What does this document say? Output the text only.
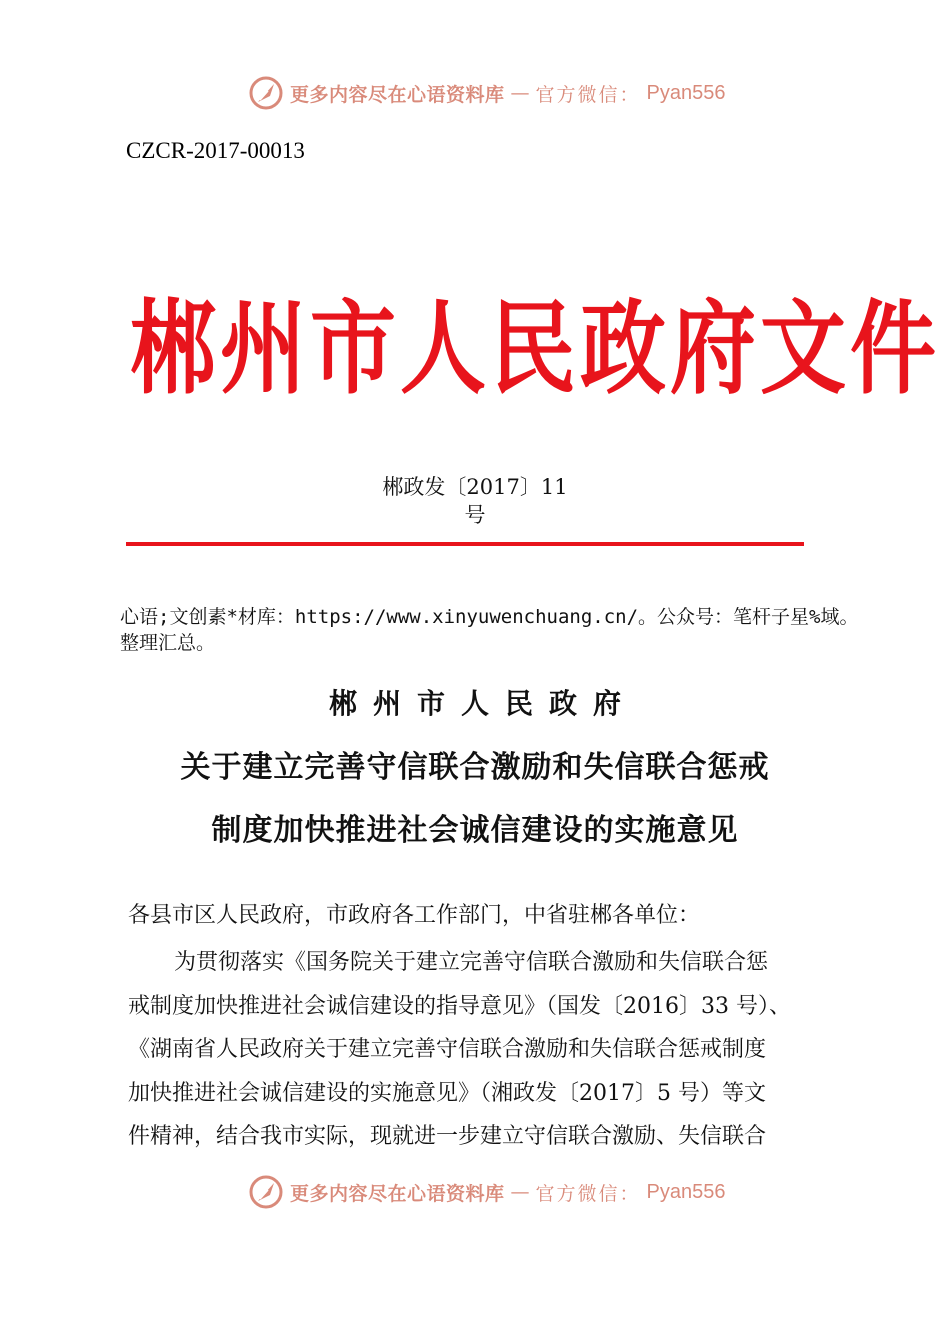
更多内容尽在心语资料库 — 官方微信： Pyan556
CZCR-2017-00013
郴州市人民政府文件
郴政发〔2017〕11
号
心语;文创素*材库：https://www.xinyuwenchuang.cn/。公众号：笔杆子星%域。整理汇总。
郴州市人民政府
关于建立完善守信联合激励和失信联合惩戒
制度加快推进社会诚信建设的实施意见
各县市区人民政府，市政府各工作部门，中省驻郴各单位：
为贯彻落实《国务院关于建立完善守信联合激励和失信联合惩
戒制度加快推进社会诚信建设的指导意见》（国发〔2016〕33 号）、
《湖南省人民政府关于建立完善守信联合激励和失信联合惩戒制度
加快推进社会诚信建设的实施意见》（湘政发〔2017〕5 号）等文
件精神，结合我市实际，现就进一步建立守信联合激励、失信联合
更多内容尽在心语资料库 — 官方微信： Pyan556
